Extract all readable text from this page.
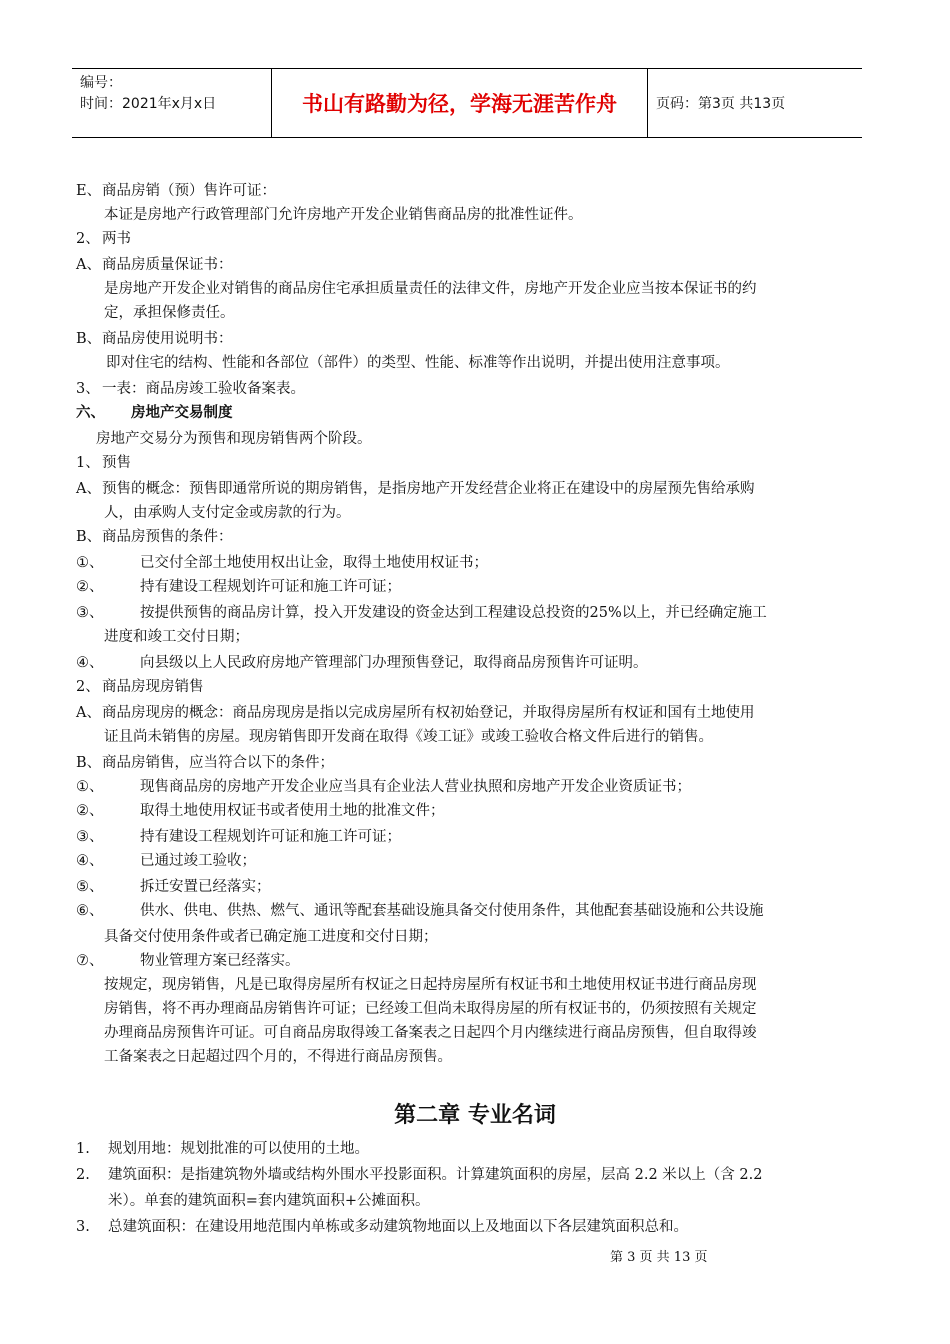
编号：
时间：2021年x月x日	书山有路勤为径，学海无涯苦作舟	页码：第3页 共13页
E、商品房销（预）售许可证：
本证是房地产行政管理部门允许房地产开发企业销售商品房的批准性证件。
2、 两书
A、商品房质量保证书：
是房地产开发企业对销售的商品房住宅承担质量责任的法律文件，房地产开发企业应当按本保证书的约
定，承担保修责任。
B、商品房使用说明书：
即对住宅的结构、性能和各部位（部件）的类型、性能、标准等作出说明，并提出使用注意事项。
3、 一表：商品房竣工验收备案表。
六、 房地产交易制度
房地产交易分为预售和现房销售两个阶段。
1、 预售
A、预售的概念：预售即通常所说的期房销售，是指房地产开发经营企业将正在建设中的房屋预先售给承购
人，由承购人支付定金或房款的行为。
B、商品房预售的条件：
①、	已交付全部土地使用权出让金，取得土地使用权证书；
②、	持有建设工程规划许可证和施工许可证；
③、	按提供预售的商品房计算，投入开发建设的资金达到工程建设总投资的25%以上，并已经确定施工
进度和竣工交付日期；
④、	向县级以上人民政府房地产管理部门办理预售登记，取得商品房预售许可证明。
2、 商品房现房销售
A、商品房现房的概念：商品房现房是指以完成房屋所有权初始登记，并取得房屋所有权证和国有土地使用
证且尚未销售的房屋。现房销售即开发商在取得《竣工证》或竣工验收合格文件后进行的销售。
B、商品房销售，应当符合以下的条件；
①、	现售商品房的房地产开发企业应当具有企业法人营业执照和房地产开发企业资质证书；
②、	取得土地使用权证书或者使用土地的批准文件；
③、	持有建设工程规划许可证和施工许可证；
④、	已通过竣工验收；
⑤、	拆迁安置已经落实；
⑥、	供水、供电、供热、燃气、通讯等配套基础设施具备交付使用条件，其他配套基础设施和公共设施
具备交付使用条件或者已确定施工进度和交付日期；
⑦、	物业管理方案已经落实。
按规定，现房销售，凡是已取得房屋所有权证之日起持房屋所有权证书和土地使用权证书进行商品房现
房销售，将不再办理商品房销售许可证；已经竣工但尚未取得房屋的所有权证书的，仍须按照有关规定
办理商品房预售许可证。可自商品房取得竣工备案表之日起四个月内继续进行商品房预售，但自取得竣
工备案表之日起超过四个月的，不得进行商品房预售。
第二章 专业名词
1. 规划用地：规划批准的可以使用的土地。
2. 建筑面积：是指建筑物外墙或结构外围水平投影面积。计算建筑面积的房屋，层高 2.2 米以上（含 2.2
米）。单套的建筑面积=套内建筑面积+公摊面积。
3. 总建筑面积：在建设用地范围内单栋或多动建筑物地面以上及地面以下各层建筑面积总和。
第 3 页 共 13 页
